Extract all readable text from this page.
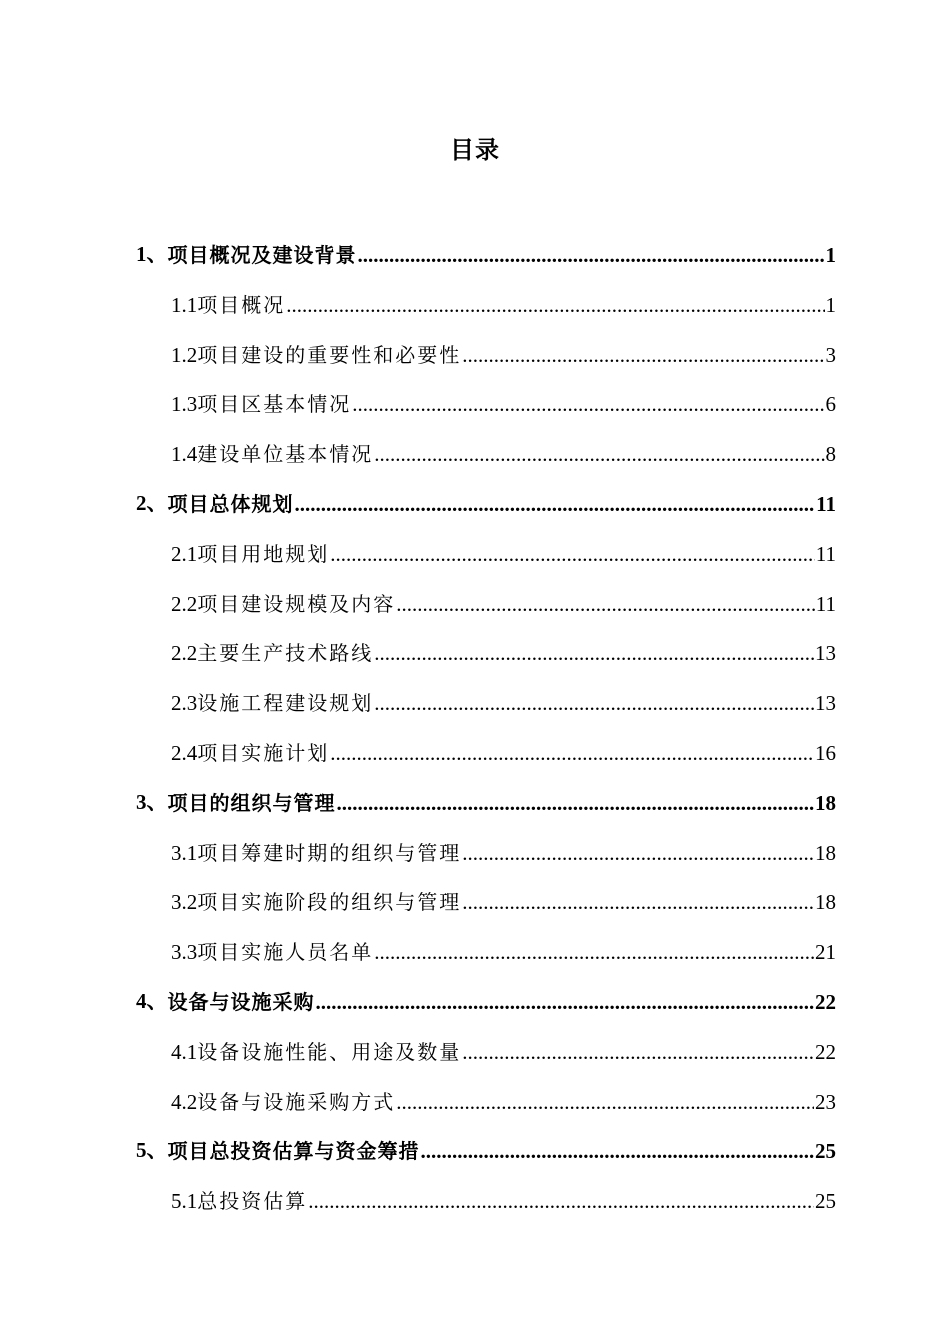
目录
1、 项目概况及建设背景 .....	1
1.1 项目概况 .....	1
1.2 项目建设的重要性和必要性 .....	3
1.3 项目区基本情况 .....	6
1.4 建设单位基本情况 .....	8
2、 项目总体规划 .....	11
2.1 项目用地规划 .....	11
2.2 项目建设规模及内容 .....	11
2.2 主要生产技术路线 .....	13
2.3 设施工程建设规划 .....	13
2.4 项目实施计划 .....	16
3、 项目的组织与管理 .....	18
3.1 项目筹建时期的组织与管理 .....	18
3.2 项目实施阶段的组织与管理 .....	18
3.3 项目实施人员名单 .....	21
4、 设备与设施采购 .....	22
4.1 设备设施性能、用途及数量 .....	22
4.2 设备与设施采购方式 .....	23
5、 项目总投资估算与资金筹措 .....	25
5.1 总投资估算 .....	25
